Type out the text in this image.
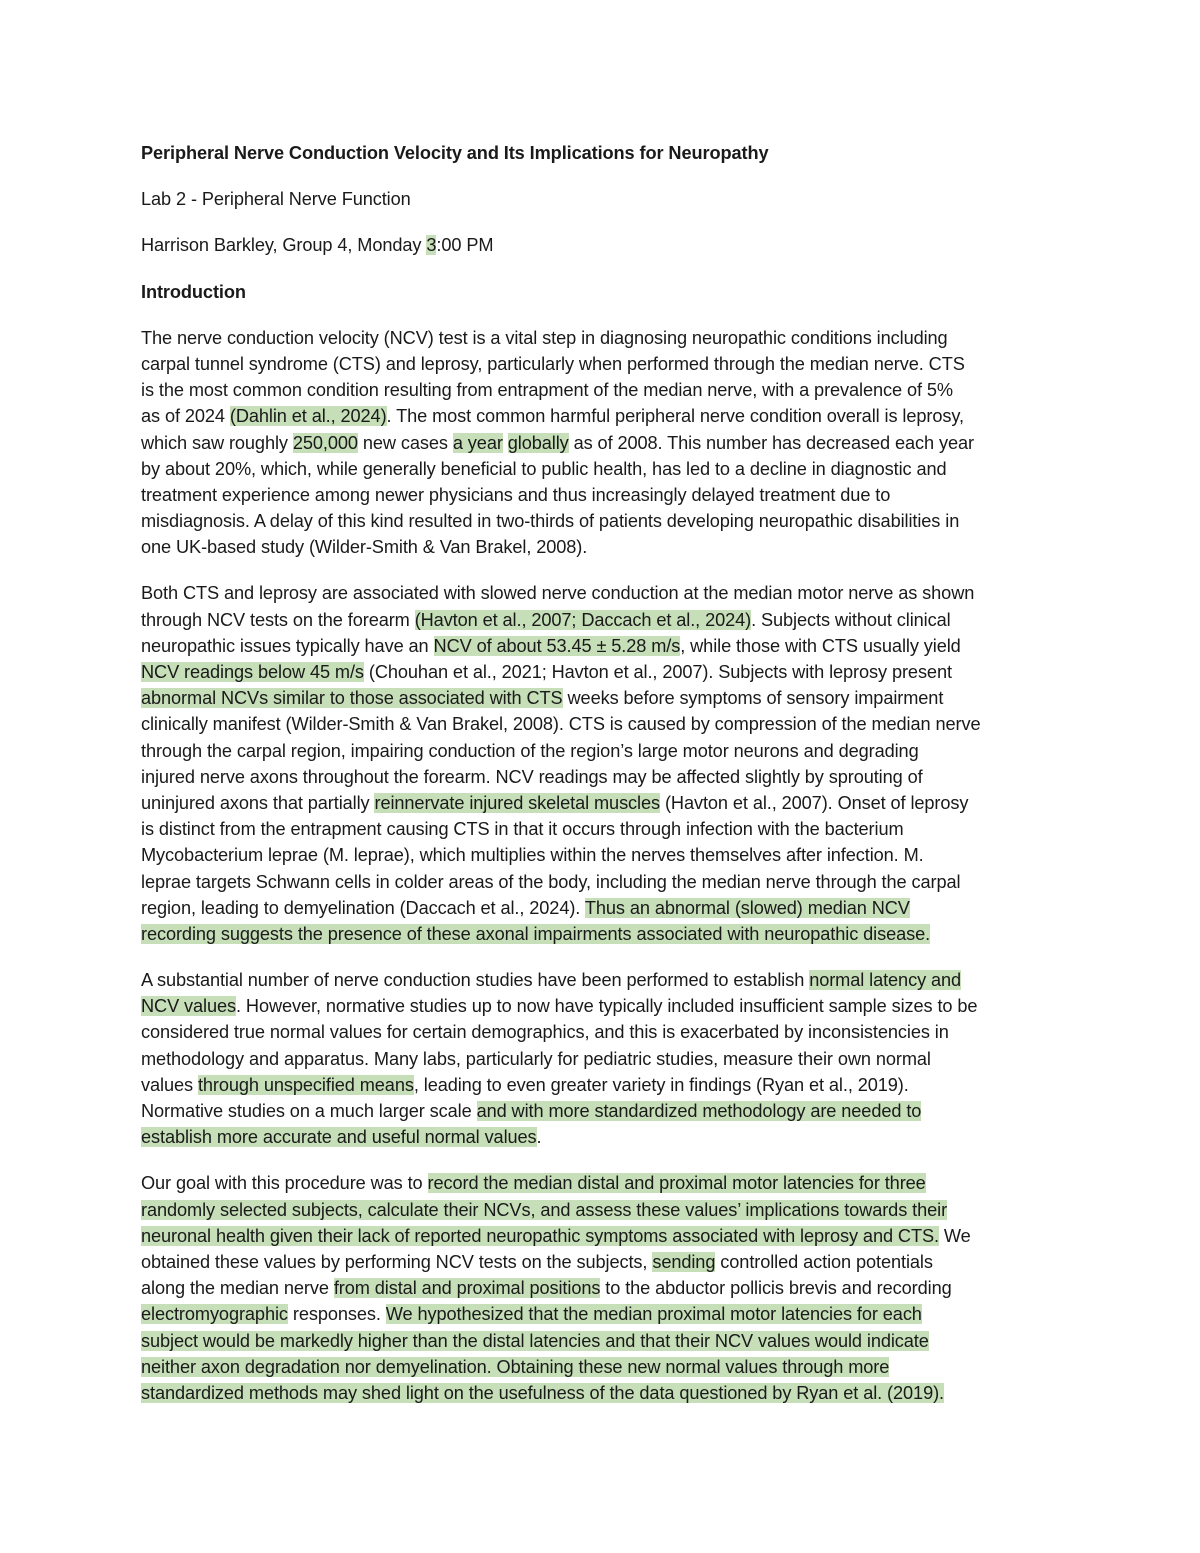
Peripheral Nerve Conduction Velocity and Its Implications for Neuropathy
Lab 2 - Peripheral Nerve Function
Harrison Barkley, Group 4, Monday 3:00 PM
Introduction
The nerve conduction velocity (NCV) test is a vital step in diagnosing neuropathic conditions including
carpal tunnel syndrome (CTS) and leprosy, particularly when performed through the median nerve. CTS
is the most common condition resulting from entrapment of the median nerve, with a prevalence of 5%
as of 2024 (Dahlin et al., 2024). The most common harmful peripheral nerve condition overall is leprosy,
which saw roughly 250,000 new cases a year globally as of 2008. This number has decreased each year
by about 20%, which, while generally beneficial to public health, has led to a decline in diagnostic and
treatment experience among newer physicians and thus increasingly delayed treatment due to
misdiagnosis. A delay of this kind resulted in two-thirds of patients developing neuropathic disabilities in
one UK-based study (Wilder-Smith & Van Brakel, 2008).
Both CTS and leprosy are associated with slowed nerve conduction at the median motor nerve as shown
through NCV tests on the forearm (Havton et al., 2007; Daccach et al., 2024). Subjects without clinical
neuropathic issues typically have an NCV of about 53.45 ± 5.28 m/s, while those with CTS usually yield
NCV readings below 45 m/s (Chouhan et al., 2021; Havton et al., 2007). Subjects with leprosy present
abnormal NCVs similar to those associated with CTS weeks before symptoms of sensory impairment
clinically manifest (Wilder-Smith & Van Brakel, 2008). CTS is caused by compression of the median nerve
through the carpal region, impairing conduction of the region’s large motor neurons and degrading
injured nerve axons throughout the forearm. NCV readings may be affected slightly by sprouting of
uninjured axons that partially reinnervate injured skeletal muscles (Havton et al., 2007). Onset of leprosy
is distinct from the entrapment causing CTS in that it occurs through infection with the bacterium
Mycobacterium leprae (M. leprae), which multiplies within the nerves themselves after infection. M.
leprae targets Schwann cells in colder areas of the body, including the median nerve through the carpal
region, leading to demyelination (Daccach et al., 2024). Thus an abnormal (slowed) median NCV
recording suggests the presence of these axonal impairments associated with neuropathic disease.
A substantial number of nerve conduction studies have been performed to establish normal latency and
NCV values. However, normative studies up to now have typically included insufficient sample sizes to be
considered true normal values for certain demographics, and this is exacerbated by inconsistencies in
methodology and apparatus. Many labs, particularly for pediatric studies, measure their own normal
values through unspecified means, leading to even greater variety in findings (Ryan et al., 2019).
Normative studies on a much larger scale and with more standardized methodology are needed to
establish more accurate and useful normal values.
Our goal with this procedure was to record the median distal and proximal motor latencies for three
randomly selected subjects, calculate their NCVs, and assess these values’ implications towards their
neuronal health given their lack of reported neuropathic symptoms associated with leprosy and CTS. We
obtained these values by performing NCV tests on the subjects, sending controlled action potentials
along the median nerve from distal and proximal positions to the abductor pollicis brevis and recording
electromyographic responses. We hypothesized that the median proximal motor latencies for each
subject would be markedly higher than the distal latencies and that their NCV values would indicate
neither axon degradation nor demyelination. Obtaining these new normal values through more
standardized methods may shed light on the usefulness of the data questioned by Ryan et al. (2019).
